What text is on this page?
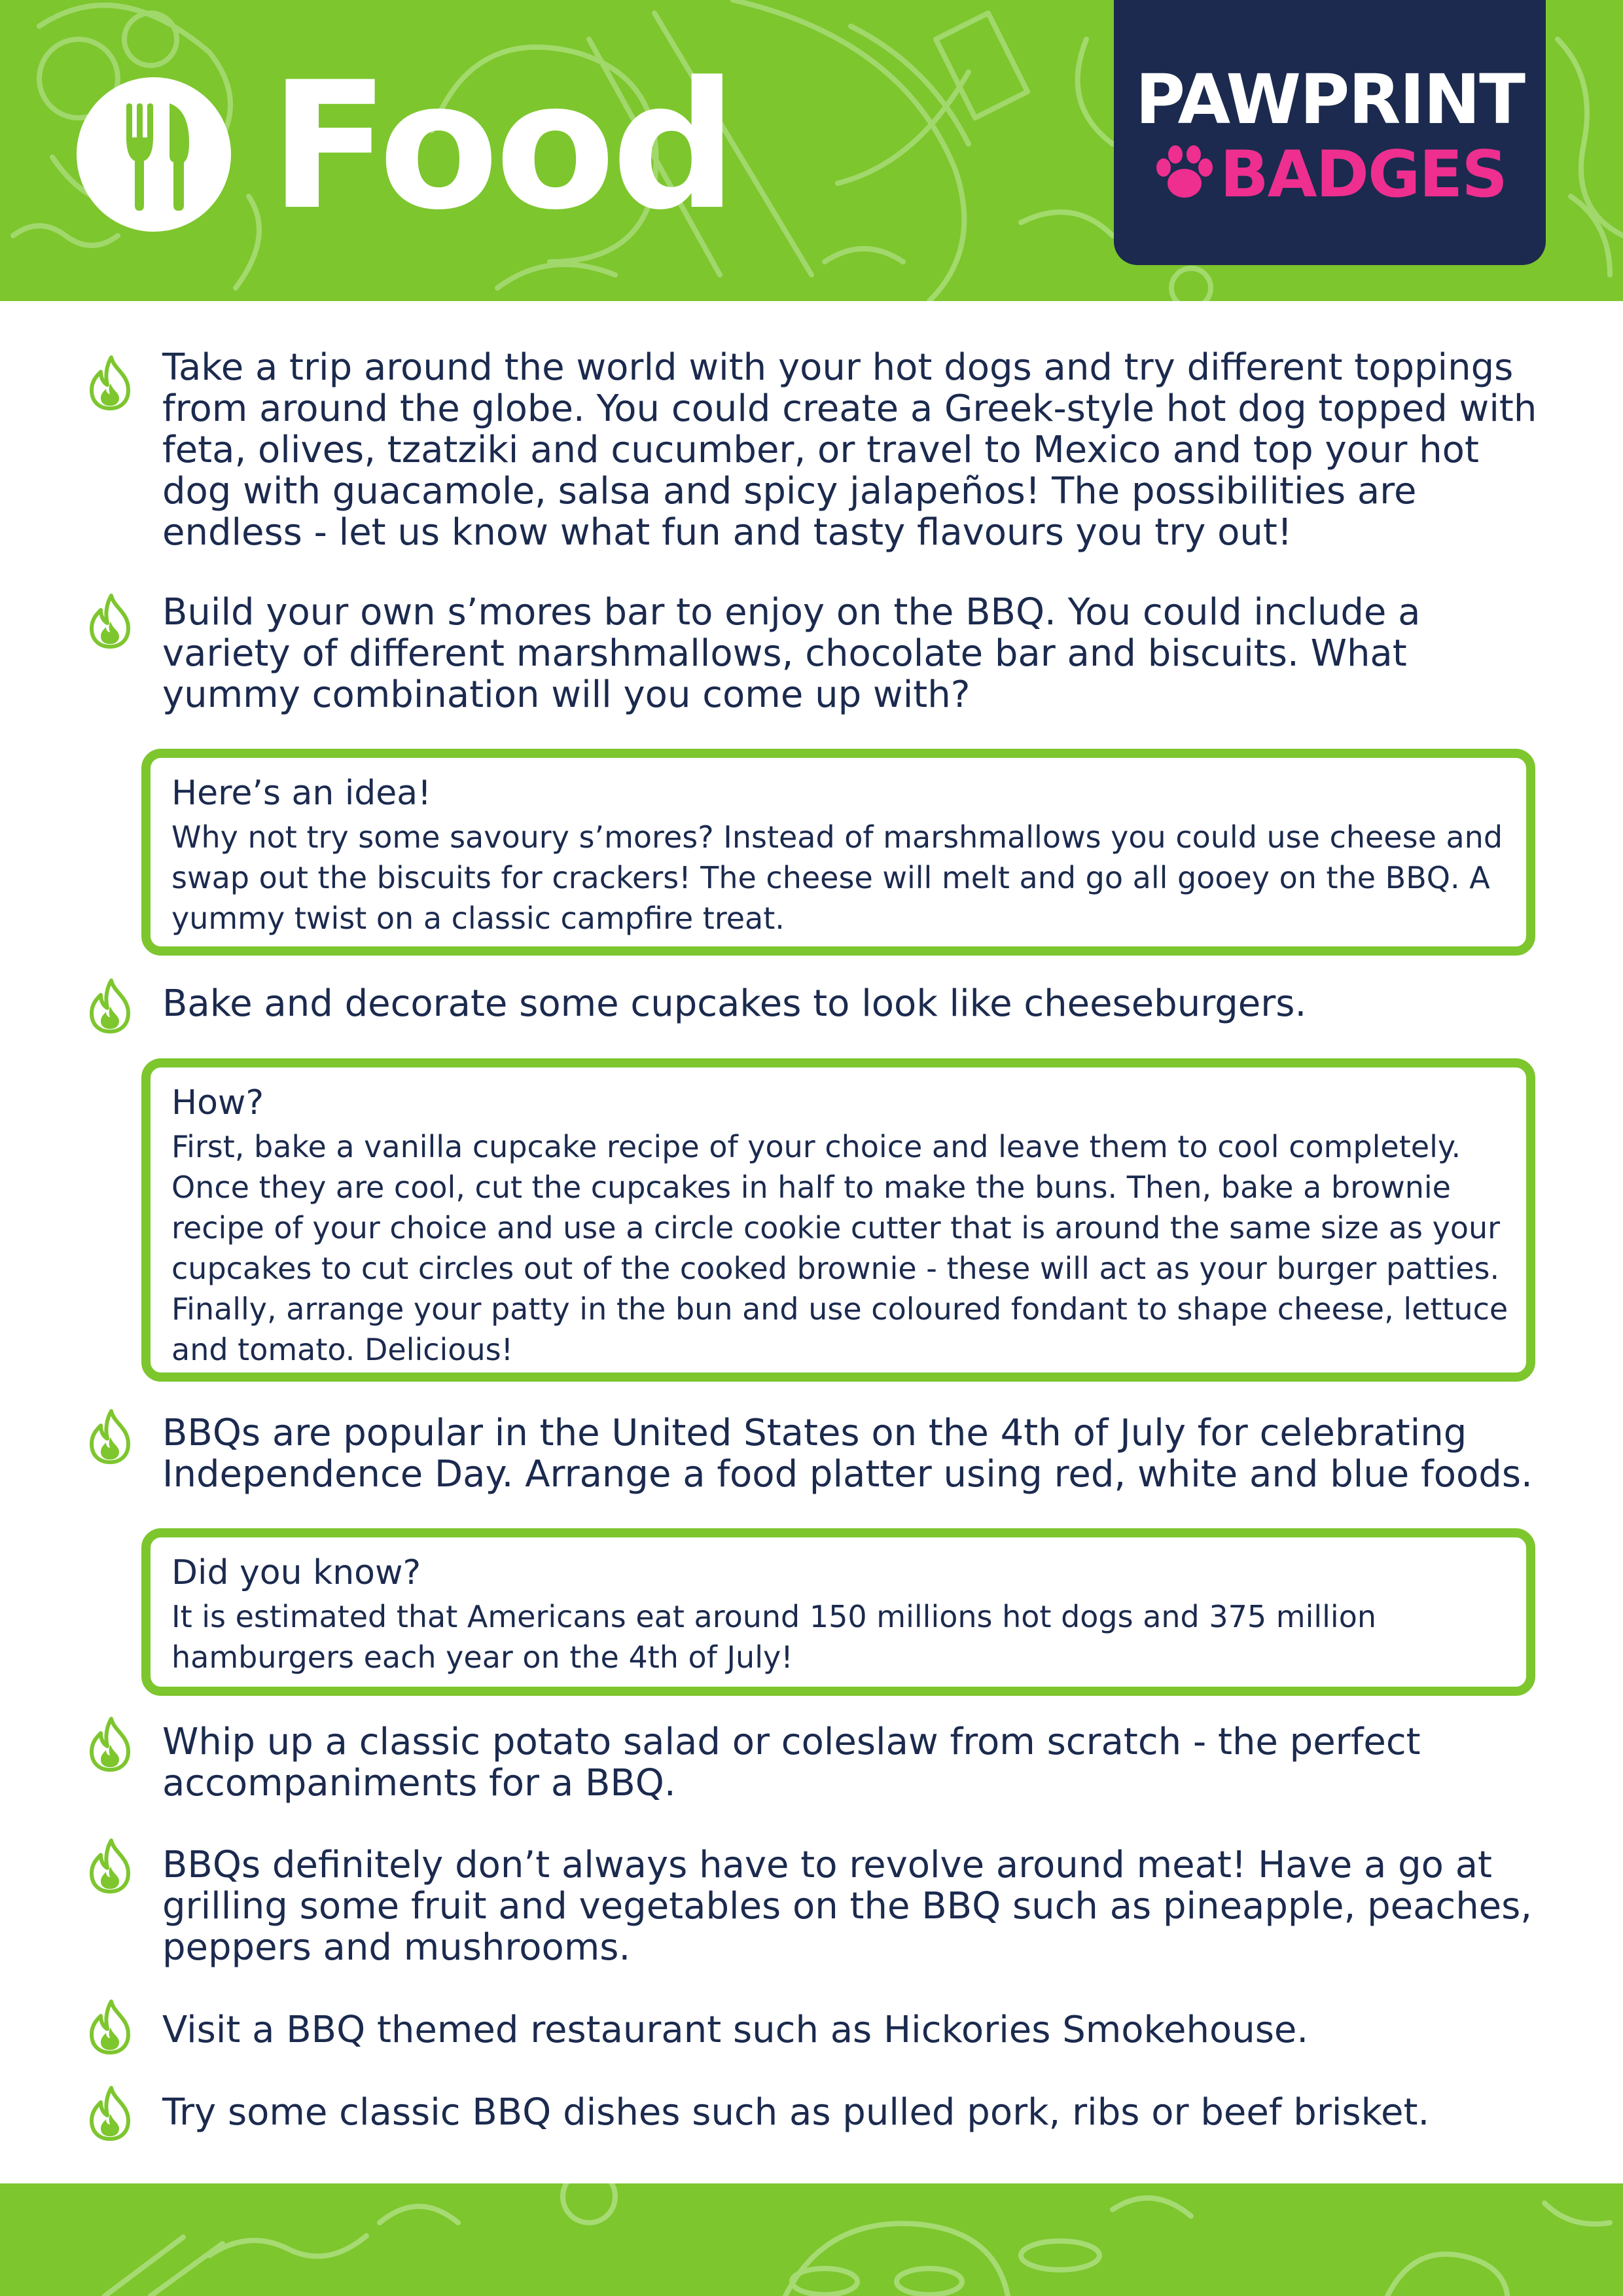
Food	PAWPRINT
BADGES

Take a trip around the world with your hot dogs and try different toppings from around the globe. You could create a Greek-style hot dog topped with feta, olives, tzatziki and cucumber, or travel to Mexico and top your hot dog with guacamole, salsa and spicy jalapeños! The possibilities are endless - let us know what fun and tasty flavours you try out!

Build your own s’mores bar to enjoy on the BBQ. You could include a variety of different marshmallows, chocolate bar and biscuits. What yummy combination will you come up with?

Here’s an idea!

Why not try some savoury s’mores? Instead of marshmallows you could use cheese and swap out the biscuits for crackers! The cheese will melt and go all gooey on the BBQ. A yummy twist on a classic campfire treat.

Bake and decorate some cupcakes to look like cheeseburgers.

How?

First, bake a vanilla cupcake recipe of your choice and leave them to cool completely. Once they are cool, cut the cupcakes in half to make the buns. Then, bake a brownie recipe of your choice and use a circle cookie cutter that is around the same size as your cupcakes to cut circles out of the cooked brownie - these will act as your burger patties. Finally, arrange your patty in the bun and use coloured fondant to shape cheese, lettuce and tomato. Delicious!

BBQs are popular in the United States on the 4th of July for celebrating Independence Day. Arrange a food platter using red, white and blue foods.

Did you know?

It is estimated that Americans eat around 150 millions hot dogs and 375 million hamburgers each year on the 4th of July!

Whip up a classic potato salad or coleslaw from scratch - the perfect accompaniments for a BBQ.

BBQs definitely don’t always have to revolve around meat! Have a go at grilling some fruit and vegetables on the BBQ such as pineapple, peaches, peppers and mushrooms.

Visit a BBQ themed restaurant such as Hickories Smokehouse.

Try some classic BBQ dishes such as pulled pork, ribs or beef brisket.
